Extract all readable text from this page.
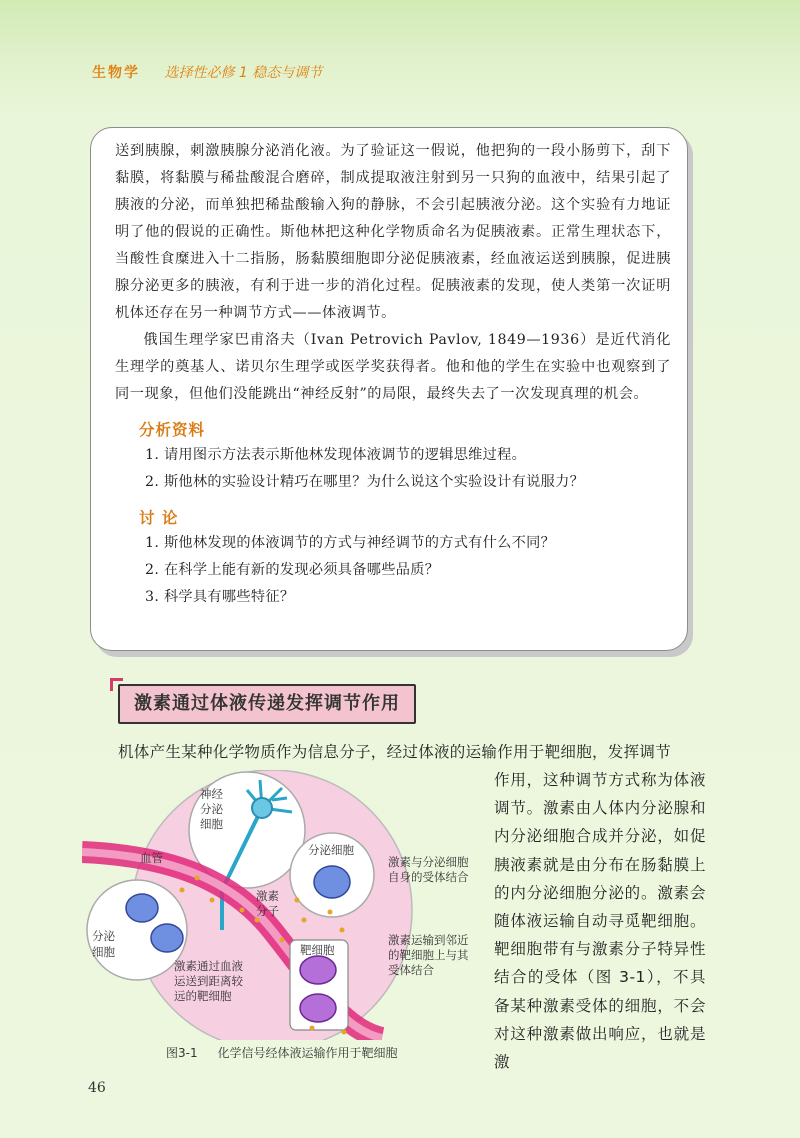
生物学 选择性必修 1 稳态与调节

送到胰腺，刺激胰腺分泌消化液。为了验证这一假说，他把狗的一段小肠剪下，刮下黏膜，将黏膜与稀盐酸混合磨碎，制成提取液注射到另一只狗的血液中，结果引起了胰液的分泌，而单独把稀盐酸输入狗的静脉，不会引起胰液分泌。这个实验有力地证明了他的假说的正确性。斯他林把这种化学物质命名为促胰液素。正常生理状态下，当酸性食糜进入十二指肠，肠黏膜细胞即分泌促胰液素，经血液运送到胰腺，促进胰腺分泌更多的胰液，有利于进一步的消化过程。促胰液素的发现，使人类第一次证明机体还存在另一种调节方式——体液调节。

俄国生理学家巴甫洛夫（Ivan Petrovich Pavlov, 1849—1936）是近代消化生理学的奠基人、诺贝尔生理学或医学奖获得者。他和他的学生在实验中也观察到了同一现象，但他们没能跳出“神经反射”的局限，最终失去了一次发现真理的机会。

分析资料

1. 请用图示方法表示斯他林发现体液调节的逻辑思维过程。

2. 斯他林的实验设计精巧在哪里？为什么说这个实验设计有说服力？

讨 论

1. 斯他林发现的体液调节的方式与神经调节的方式有什么不同？

2. 在科学上能有新的发现必须具备哪些品质？

3. 科学具有哪些特征？

激素通过体液传递发挥调节作用

机体产生某种化学物质作为信息分子，经过体液的运输作用于靶细胞，发挥调节

作用，这种调节方式称为体液调节。激素由人体内分泌腺和内分泌细胞合成并分泌，如促胰液素就是由分布在肠黏膜上的内分泌细胞分泌的。激素会随体液运输自动寻觅靶细胞。靶细胞带有与激素分子特异性结合的受体（图 3-1），不具备某种激素受体的细胞，不会对这种激素做出响应，也就是激

神经
分泌
细胞
血管
分泌细胞
激素
分子
分泌
细胞	靶细胞
激素通过血液
运送到距离较
远的靶细胞
激素与分泌细胞
自身的受体结合
激素运输到邻近
的靶细胞上与其
受体结合
图3-1 化学信号经体液运输作用于靶细胞
46
